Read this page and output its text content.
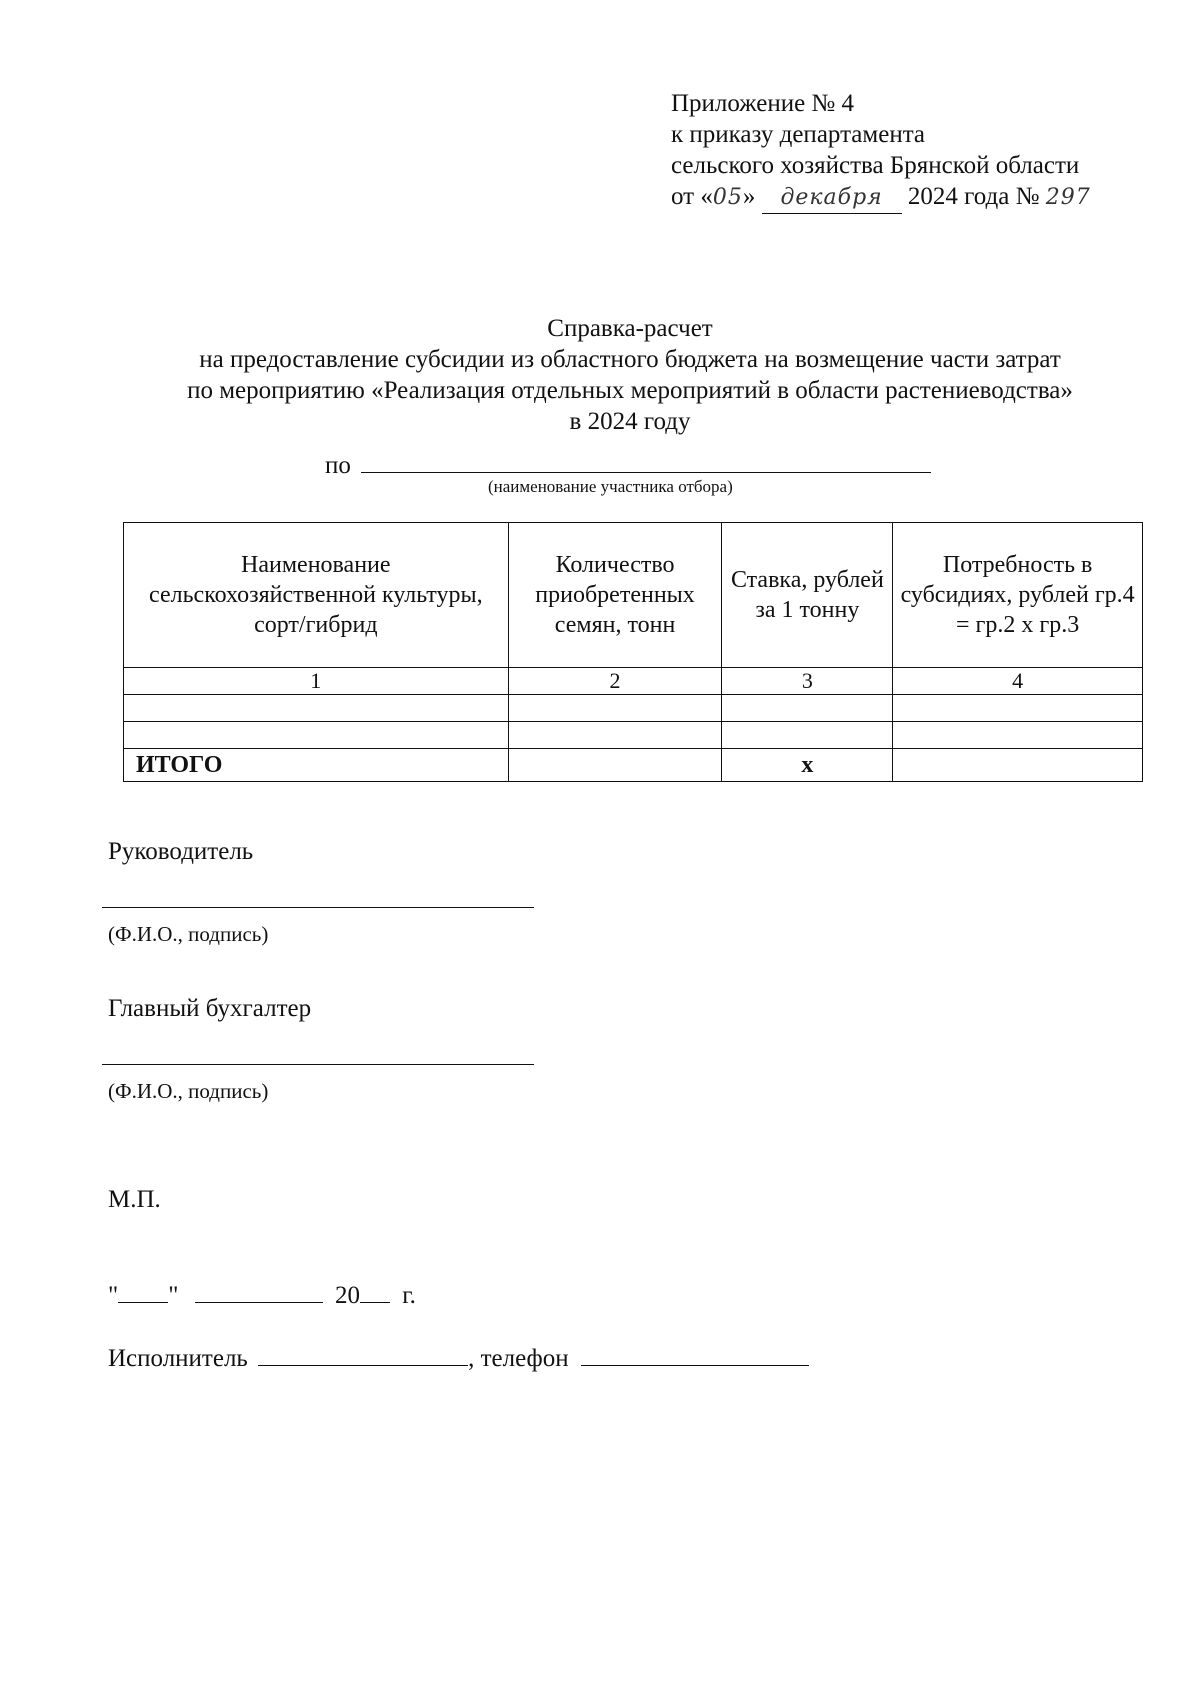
Приложение № 4
к приказу департамента
сельского хозяйства Брянской области
от «05» декабря 2024 года № 297
Справка-расчет
на предоставление субсидии из областного бюджета на возмещение части затрат
по мероприятию «Реализация отдельных мероприятий в области растениеводства»
в 2024 году
по
(наименование участника отбора)
Наименование сельскохозяйственной культуры, сорт/гибрид	Количество приобретенных семян, тонн	Ставка, рублей за 1 тонну	Потребность в субсидиях, рублей гр.4 = гр.2 х гр.3
1	2	3	4

ИТОГО		х	
Руководитель
(Ф.И.О., подпись)
Главный бухгалтер
(Ф.И.О., подпись)
М.П.
" "	20 г.
Исполнитель	, телефон
